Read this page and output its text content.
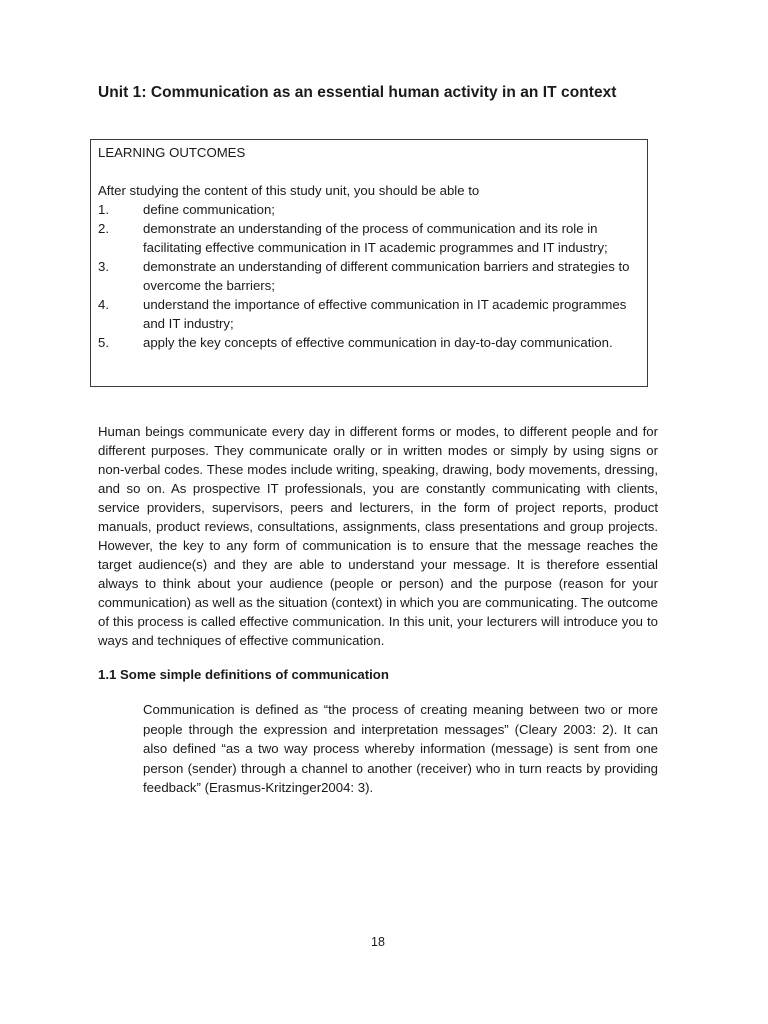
Unit 1: Communication as an essential human activity in an IT context
LEARNING OUTCOMES
After studying the content of this study unit, you should be able to
1.	define communication;
2.	demonstrate an understanding of the process of communication and its role in facilitating effective communication in IT academic programmes and IT industry;
3.	demonstrate an understanding of different communication barriers and strategies to overcome the barriers;
4.	understand the importance of effective communication in IT academic programmes and IT industry;
5.	apply the key concepts of effective communication in day-to-day communication.

Human beings communicate every day in different forms or modes, to different people and for different purposes. They communicate orally or in written modes or simply by using signs or non-verbal codes. These modes include writing, speaking, drawing, body movements, dressing, and so on. As prospective IT professionals, you are constantly communicating with clients, service providers, supervisors, peers and lecturers, in the form of project reports, product manuals, product reviews, consultations, assignments, class presentations and group projects. However, the key to any form of communication is to ensure that the message reaches the target audience(s) and they are able to understand your message. It is therefore essential always to think about your audience (people or person) and the purpose (reason for your communication) as well as the situation (context) in which you are communicating. The outcome of this process is called effective communication. In this unit, your lecturers will introduce you to ways and techniques of effective communication.

1.1 Some simple definitions of communication

Communication is defined as “the process of creating meaning between two or more people through the expression and interpretation messages” (Cleary 2003: 2). It can also defined “as a two way process whereby information (message) is sent from one person (sender) through a channel to another (receiver) who in turn reacts by providing feedback” (Erasmus-Kritzinger2004: 3).

18
